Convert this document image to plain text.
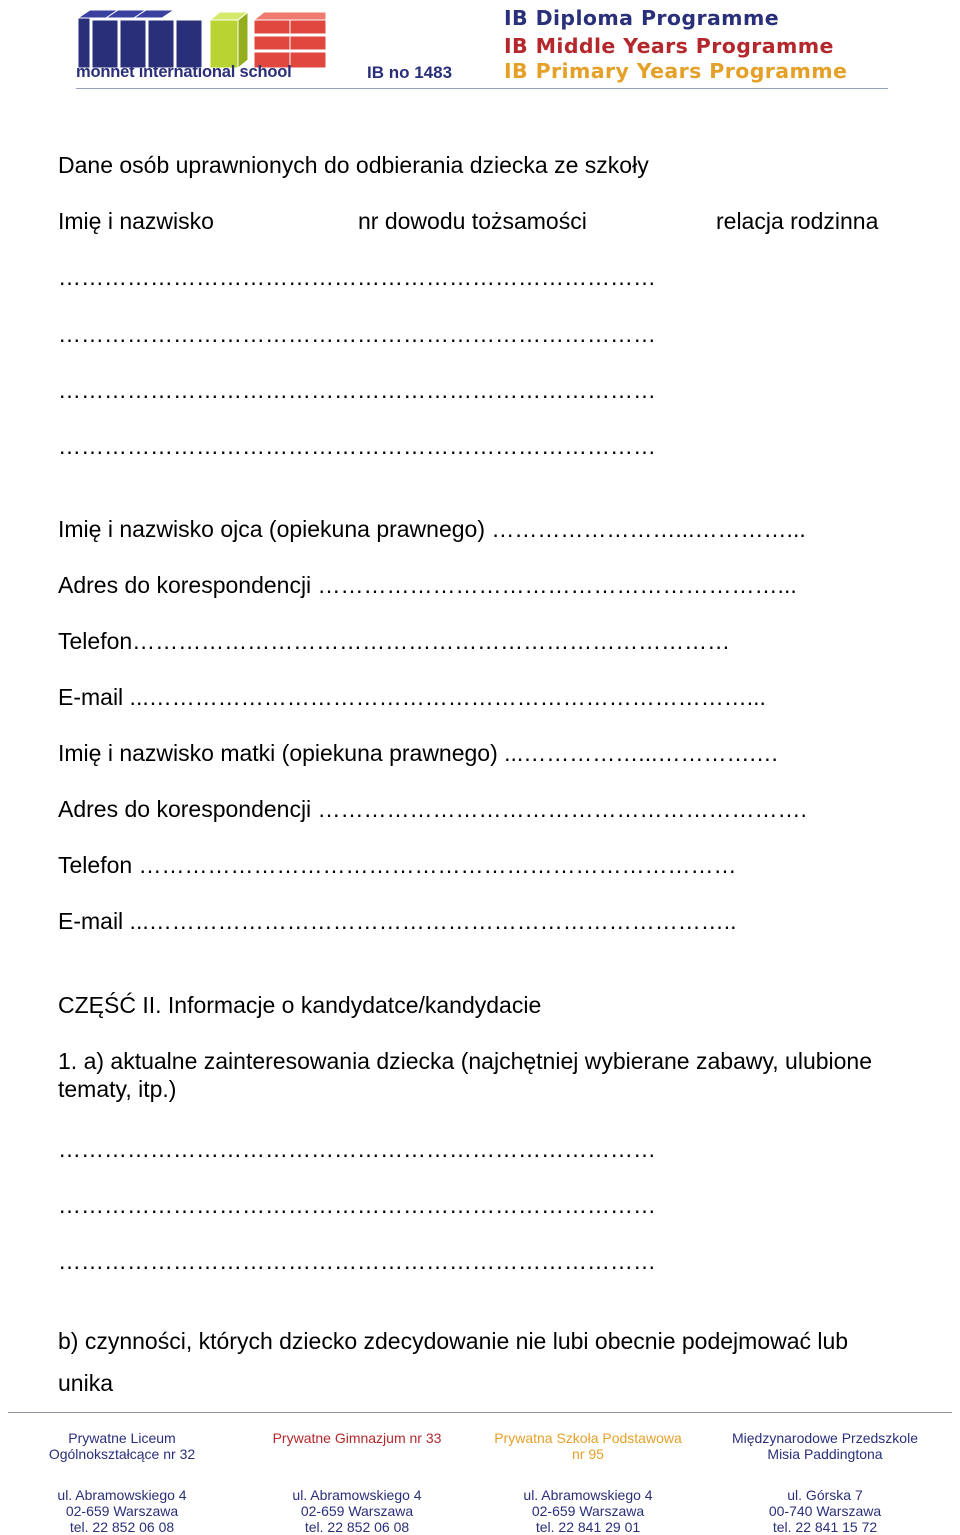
monnet international school	IB no 1483
IB Diploma Programme
IB Middle Years Programme
IB Primary Years Programme
Dane osób uprawnionych do odbierania dziecka ze szkoły
Imię i nazwisko	nr dowodu tożsamości	relacja rodzinna
……………………………………………………………………
……………………………………………………………………
……………………………………………………………………
……………………………………………………………………
Imię i nazwisko ojca (opiekuna prawnego) ……………………...…………...
Adres do korespondencji ……………………………………………………...
Telefon……………………………………………………………………
E-mail ...……………………………………………………………………...
Imię i nazwisko matki (opiekuna prawnego) ...……………...………….…
Adres do korespondencji ……………………………………………………….
Telefon ……………………………………………………………………
E-mail ...…………………………………………………………………..
CZĘŚĆ II. Informacje o kandydatce/kandydacie
1. a) aktualne zainteresowania dziecka (najchętniej wybierane zabawy, ulubione tematy, itp.)
……………………………………………………………………
……………………………………………………………………
……………………………………………………………………
b) czynności, których dziecko zdecydowanie nie lubi obecnie podejmować lub
unika
Prywatne Liceum
Ogólnokształcące nr 32
ul. Abramowskiego 4
02-659 Warszawa
tel. 22 852 06 08
Prywatne Gimnazjum nr 33

ul. Abramowskiego 4
02-659 Warszawa
tel. 22 852 06 08
Prywatna Szkoła Podstawowa
nr 95
ul. Abramowskiego 4
02-659 Warszawa
tel. 22 841 29 01
Międzynarodowe Przedszkole
Misia Paddingtona
ul. Górska 7
00-740 Warszawa
tel. 22 841 15 72
